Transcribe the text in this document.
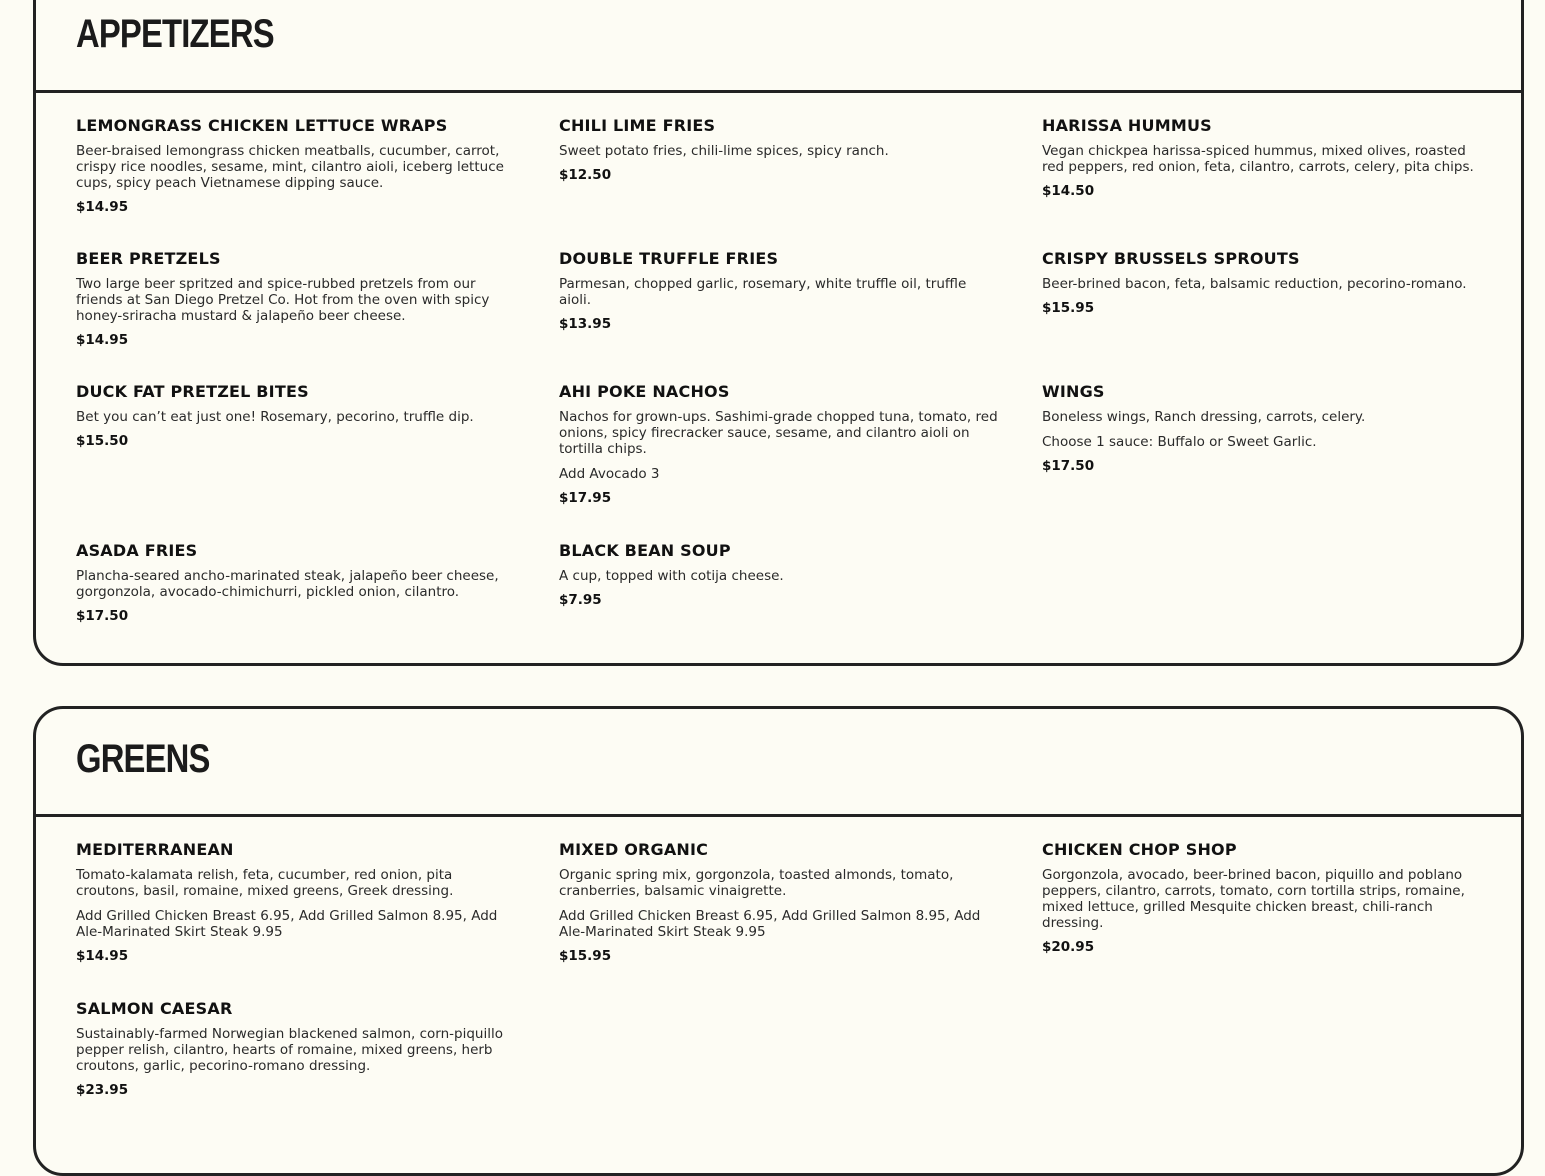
APPETIZERS
LEMONGRASS CHICKEN LETTUCE WRAPS

Beer-braised lemongrass chicken meatballs, cucumber, carrot, crispy rice noodles, sesame, mint, cilantro aioli, iceberg lettuce cups, spicy peach Vietnamese dipping sauce.

$14.95

CHILI LIME FRIES

Sweet potato fries, chili-lime spices, spicy ranch.

$12.50

HARISSA HUMMUS

Vegan chickpea harissa-spiced hummus, mixed olives, roasted red peppers, red onion, feta, cilantro, carrots, celery, pita chips.

$14.50

BEER PRETZELS

Two large beer spritzed and spice-rubbed pretzels from our friends at San Diego Pretzel Co. Hot from the oven with spicy honey-sriracha mustard & jalapeño beer cheese.

$14.95

DOUBLE TRUFFLE FRIES

Parmesan, chopped garlic, rosemary, white truffle oil, truffle aioli.

$13.95

CRISPY BRUSSELS SPROUTS

Beer-brined bacon, feta, balsamic reduction, pecorino-romano.

$15.95

DUCK FAT PRETZEL BITES

Bet you can’t eat just one! Rosemary, pecorino, truffle dip.

$15.50

AHI POKE NACHOS

Nachos for grown-ups. Sashimi-grade chopped tuna, tomato, red onions, spicy firecracker sauce, sesame, and cilantro aioli on tortilla chips.

Add Avocado 3

$17.95

WINGS

Boneless wings, Ranch dressing, carrots, celery.

Choose 1 sauce: Buffalo or Sweet Garlic.

$17.50

ASADA FRIES

Plancha-seared ancho-marinated steak, jalapeño beer cheese, gorgonzola, avocado-chimichurri, pickled onion, cilantro.

$17.50

BLACK BEAN SOUP

A cup, topped with cotija cheese.

$7.95

GREENS
MEDITERRANEAN

Tomato-kalamata relish, feta, cucumber, red onion, pita croutons, basil, romaine, mixed greens, Greek dressing.

Add Grilled Chicken Breast 6.95, Add Grilled Salmon 8.95, Add Ale-Marinated Skirt Steak 9.95

$14.95

MIXED ORGANIC

Organic spring mix, gorgonzola, toasted almonds, tomato, cranberries, balsamic vinaigrette.

Add Grilled Chicken Breast 6.95, Add Grilled Salmon 8.95, Add Ale-Marinated Skirt Steak 9.95

$15.95

CHICKEN CHOP SHOP

Gorgonzola, avocado, beer-brined bacon, piquillo and poblano peppers, cilantro, carrots, tomato, corn tortilla strips, romaine, mixed lettuce, grilled Mesquite chicken breast, chili-ranch dressing.

$20.95

SALMON CAESAR

Sustainably-farmed Norwegian blackened salmon, corn-piquillo pepper relish, cilantro, hearts of romaine, mixed greens, herb croutons, garlic, pecorino-romano dressing.

$23.95
